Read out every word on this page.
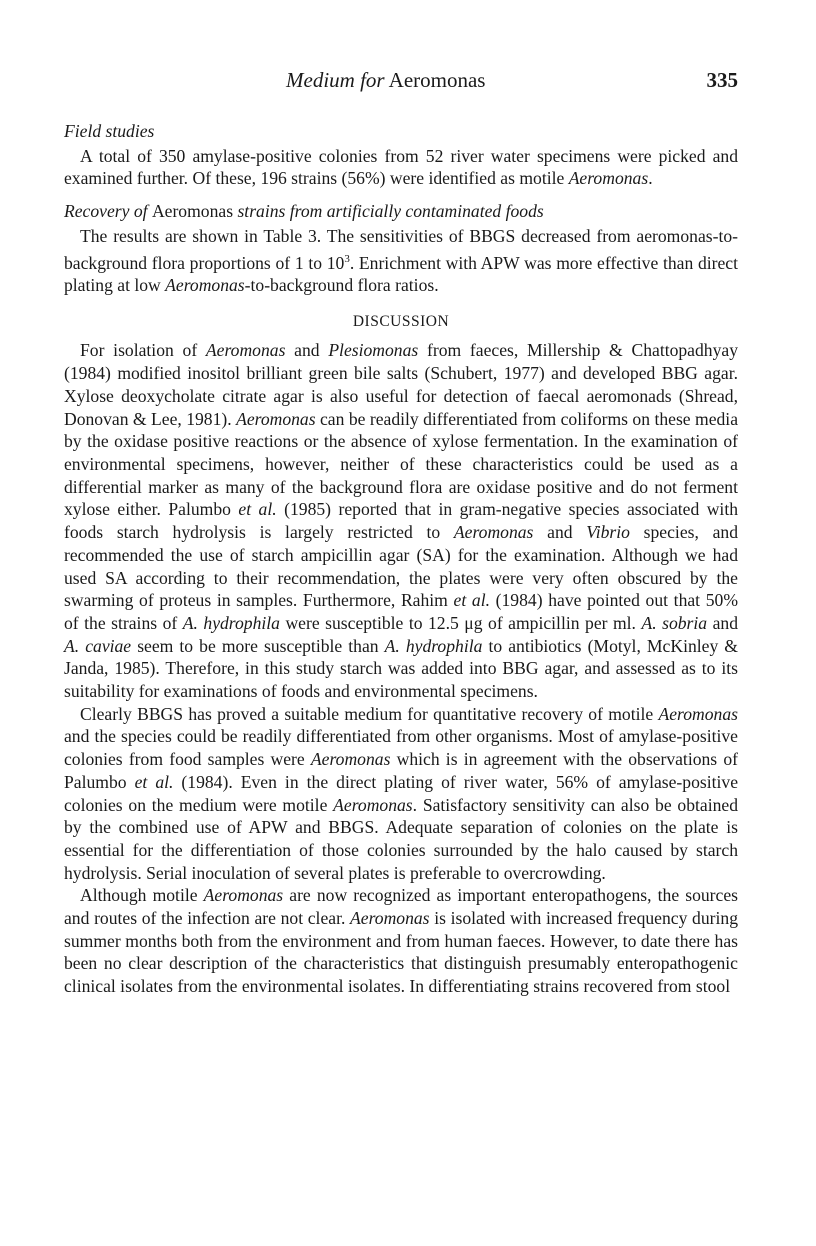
Medium for Aeromonas	335

Field studies

A total of 350 amylase-positive colonies from 52 river water specimens were picked and examined further. Of these, 196 strains (56%) were identified as motile Aeromonas.

Recovery of Aeromonas strains from artificially contaminated foods

The results are shown in Table 3. The sensitivities of BBGS decreased from aeromonas-to-background flora proportions of 1 to $10^3$. Enrichment with APW was more effective than direct plating at low Aeromonas-to-background flora ratios.

DISCUSSION

For isolation of Aeromonas and Plesiomonas from faeces, Millership & Chattopadhyay (1984) modified inositol brilliant green bile salts (Schubert, 1977) and developed BBG agar. Xylose deoxycholate citrate agar is also useful for detection of faecal aeromonads (Shread, Donovan & Lee, 1981). Aeromonas can be readily differentiated from coliforms on these media by the oxidase positive reactions or the absence of xylose fermentation. In the examination of environmental specimens, however, neither of these characteristics could be used as a differential marker as many of the background flora are oxidase positive and do not ferment xylose either. Palumbo et al. (1985) reported that in gram-negative species associated with foods starch hydrolysis is largely restricted to Aeromonas and Vibrio species, and recommended the use of starch ampicillin agar (SA) for the examination. Although we had used SA according to their recommendation, the plates were very often obscured by the swarming of proteus in samples. Furthermore, Rahim et al. (1984) have pointed out that 50% of the strains of A. hydrophila were susceptible to 12.5 μg of ampicillin per ml. A. sobria and A. caviae seem to be more susceptible than A. hydrophila to antibiotics (Motyl, McKinley & Janda, 1985). Therefore, in this study starch was added into BBG agar, and assessed as to its suitability for examinations of foods and environmental specimens.

Clearly BBGS has proved a suitable medium for quantitative recovery of motile Aeromonas and the species could be readily differentiated from other organisms. Most of amylase-positive colonies from food samples were Aeromonas which is in agreement with the observations of Palumbo et al. (1984). Even in the direct plating of river water, 56% of amylase-positive colonies on the medium were motile Aeromonas. Satisfactory sensitivity can also be obtained by the combined use of APW and BBGS. Adequate separation of colonies on the plate is essential for the differentiation of those colonies surrounded by the halo caused by starch hydrolysis. Serial inoculation of several plates is preferable to overcrowding.

Although motile Aeromonas are now recognized as important enteropathogens, the sources and routes of the infection are not clear. Aeromonas is isolated with increased frequency during summer months both from the environment and from human faeces. However, to date there has been no clear description of the characteristics that distinguish presumably enteropathogenic clinical isolates from the environmental isolates. In differentiating strains recovered from stool
